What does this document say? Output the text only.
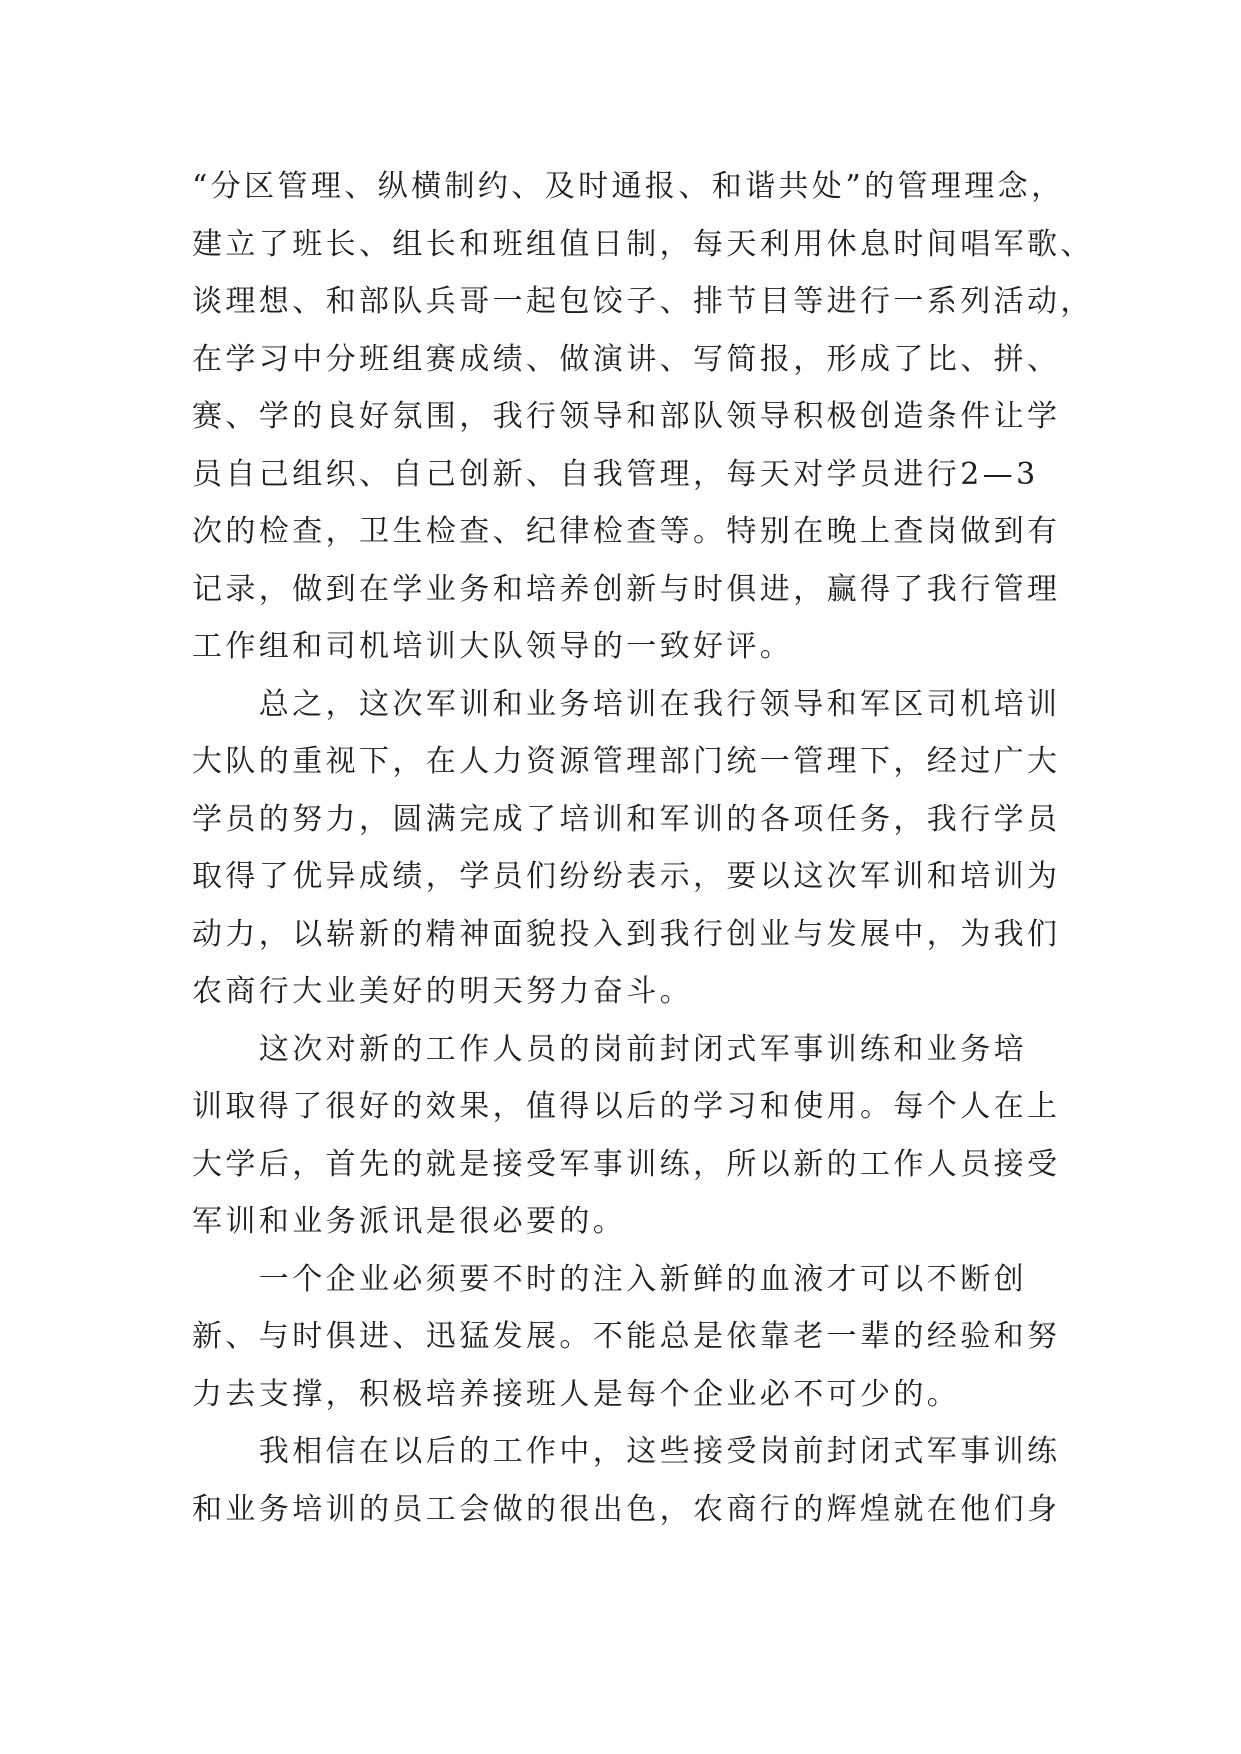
“分区管理、纵横制约、及时通报、和谐共处”的管理理念，
建立了班长、组长和班组值日制，每天利用休息时间唱军歌、
谈理想、和部队兵哥一起包饺子、排节目等进行一系列活动，
在学习中分班组赛成绩、做演讲、写简报，形成了比、拼、
赛、学的良好氛围，我行领导和部队领导积极创造条件让学
员自己组织、自己创新、自我管理，每天对学员进行2—3
次的检查，卫生检查、纪律检查等。特别在晚上查岗做到有
记录，做到在学业务和培养创新与时俱进，赢得了我行管理
工作组和司机培训大队领导的一致好评。
　　总之，这次军训和业务培训在我行领导和军区司机培训
大队的重视下，在人力资源管理部门统一管理下，经过广大
学员的努力，圆满完成了培训和军训的各项任务，我行学员
取得了优异成绩，学员们纷纷表示，要以这次军训和培训为
动力，以崭新的精神面貌投入到我行创业与发展中，为我们
农商行大业美好的明天努力奋斗。
　　这次对新的工作人员的岗前封闭式军事训练和业务培
训取得了很好的效果，值得以后的学习和使用。每个人在上
大学后，首先的就是接受军事训练，所以新的工作人员接受
军训和业务派讯是很必要的。
　　一个企业必须要不时的注入新鲜的血液才可以不断创
新、与时俱进、迅猛发展。不能总是依靠老一辈的经验和努
力去支撑，积极培养接班人是每个企业必不可少的。
　　我相信在以后的工作中，这些接受岗前封闭式军事训练
和业务培训的员工会做的很出色，农商行的辉煌就在他们身
